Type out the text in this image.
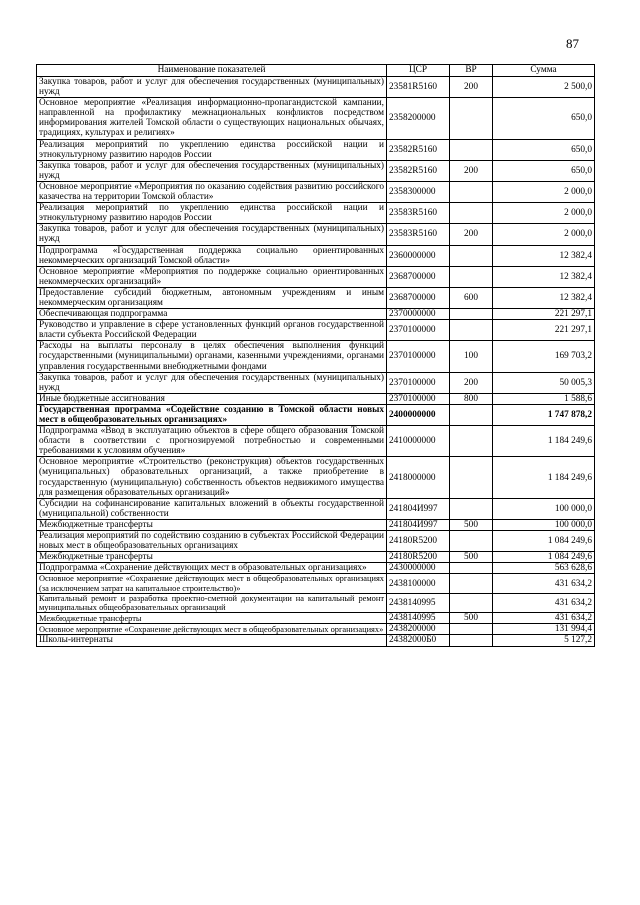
87
Наименование показателей	ЦСР	ВР	Сумма
Закупка товаров, работ и услуг для обеспечения государственных (муниципальных) нужд	23581R5160	200	2 500,0
Основное мероприятие «Реализация информационно-пропагандистской кампании, направленной на профилактику межнациональных конфликтов посредством информирования жителей Томской области о существующих национальных обычаях, традициях, культурах и религиях»	2358200000		650,0
Реализация мероприятий по укреплению единства российской нации и этнокультурному развитию народов России	23582R5160		650,0
Закупка товаров, работ и услуг для обеспечения государственных (муниципальных) нужд	23582R5160	200	650,0
Основное мероприятие «Мероприятия по оказанию содействия развитию российского казачества на территории Томской области»	2358300000		2 000,0
Реализация мероприятий по укреплению единства российской нации и этнокультурному развитию народов России	23583R5160		2 000,0
Закупка товаров, работ и услуг для обеспечения государственных (муниципальных) нужд	23583R5160	200	2 000,0
Подпрограмма «Государственная поддержка социально ориентированных некоммерческих организаций Томской области»	2360000000		12 382,4
Основное мероприятие «Мероприятия по поддержке социально ориентированных некоммерческих организаций»	2368700000		12 382,4
Предоставление субсидий бюджетным, автономным учреждениям и иным некоммерческим организациям	2368700000	600	12 382,4
Обеспечивающая подпрограмма	2370000000		221 297,1
Руководство и управление в сфере установленных функций органов государственной власти субъекта Российской Федерации	2370100000		221 297,1
Расходы на выплаты персоналу в целях обеспечения выполнения функций государственными (муниципальными) органами, казенными учреждениями, органами управления государственными внебюджетными фондами	2370100000	100	169 703,2
Закупка товаров, работ и услуг для обеспечения государственных (муниципальных) нужд	2370100000	200	50 005,3
Иные бюджетные ассигнования	2370100000	800	1 588,6
Государственная программа «Содействие созданию в Томской области новых мест в общеобразовательных организациях»	2400000000		1 747 878,2
Подпрограмма «Ввод в эксплуатацию объектов в сфере общего образования Томской области в соответствии с прогнозируемой потребностью и современными требованиями к условиям обучения»	2410000000		1 184 249,6
Основное мероприятие «Строительство (реконструкция) объектов государственных (муниципальных) образовательных организаций, а также приобретение в государственную (муниципальную) собственность объектов недвижимого имущества для размещения образовательных организаций»	2418000000		1 184 249,6
Субсидии на софинансирование капитальных вложений в объекты государственной (муниципальной) собственности	241804И997		100 000,0
Межбюджетные трансферты	241804И997	500	100 000,0
Реализация мероприятий по содействию созданию в субъектах Российской Федерации новых мест в общеобразовательных организациях	24180R5200		1 084 249,6
Межбюджетные трансферты	24180R5200	500	1 084 249,6
Подпрограмма «Сохранение действующих мест в образовательных организациях»	2430000000		563 628,6
Основное мероприятие «Сохранение действующих мест в общеобразовательных организациях (за исключением затрат на капитальное строительство)»	2438100000		431 634,2
Капитальный ремонт и разработка проектно-сметной документации на капитальный ремонт муниципальных общеобразовательных организаций	2438140995		431 634,2
Межбюджетные трансферты	2438140995	500	431 634,2
Основное мероприятие «Сохранение действующих мест в общеобразовательных организациях»	2438200000		131 994,4
Школы-интернаты	24382000Б0		5 127,2
